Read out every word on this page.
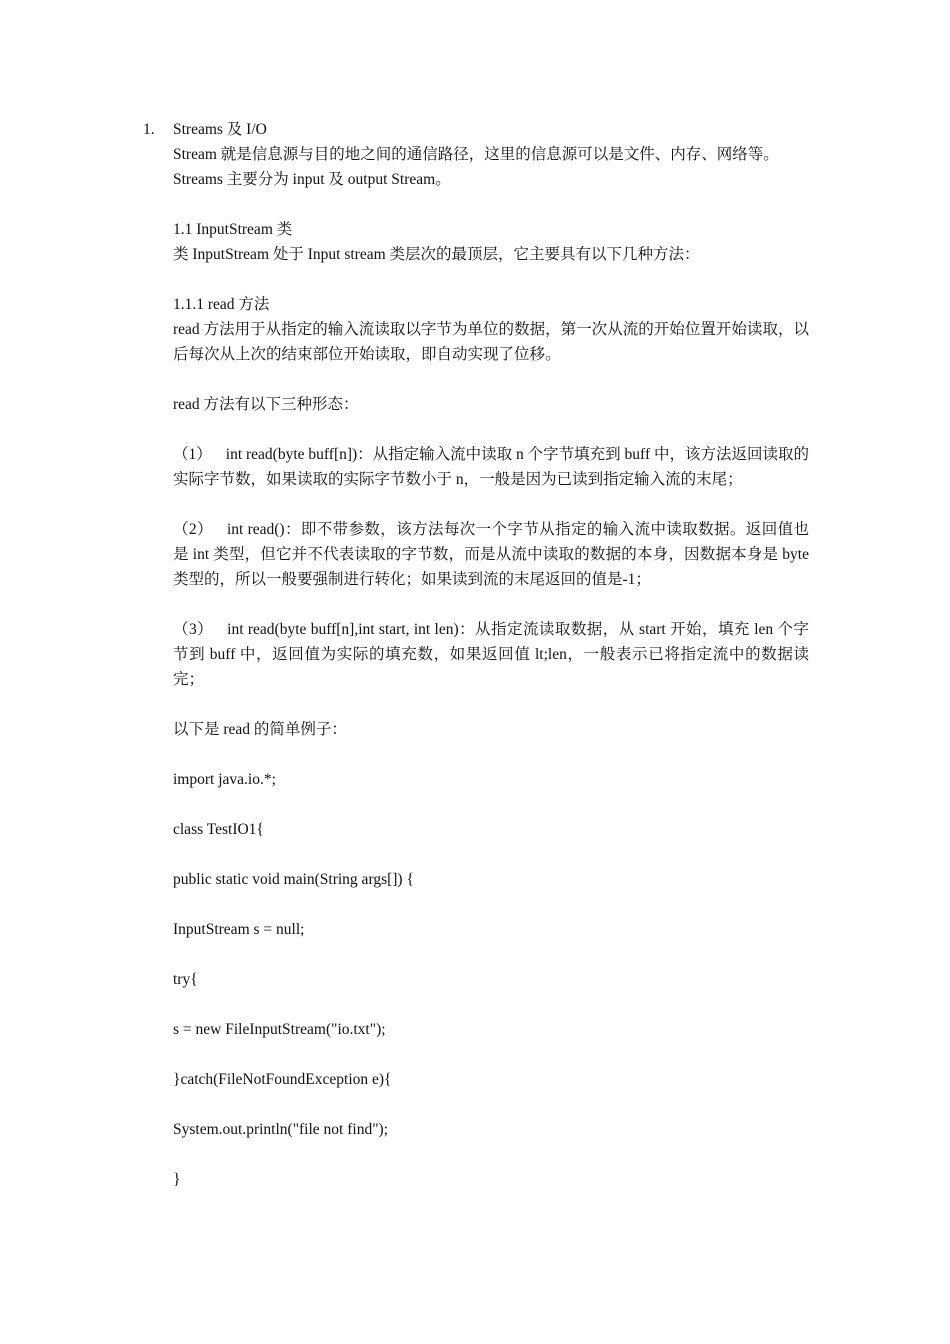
1. Streams 及 I/O
Stream 就是信息源与目的地之间的通信路径，这里的信息源可以是文件、内存、网络等。
Streams 主要分为 input 及 output Stream。
1.1 InputStream 类
类 InputStream 处于 Input stream 类层次的最顶层，它主要具有以下几种方法：
1.1.1 read 方法
read 方法用于从指定的输入流读取以字节为单位的数据，第一次从流的开始位置开始读取，以后每次从上次的结束部位开始读取，即自动实现了位移。
read 方法有以下三种形态：
（1） int read(byte buff[n])：从指定输入流中读取 n 个字节填充到 buff 中，该方法返回读取的实际字节数，如果读取的实际字节数小于 n，一般是因为已读到指定输入流的末尾；
（2） int read()：即不带参数，该方法每次一个字节从指定的输入流中读取数据。返回值也是 int 类型，但它并不代表读取的字节数，而是从流中读取的数据的本身，因数据本身是 byte 类型的，所以一般要强制进行转化；如果读到流的末尾返回的值是-1；
（3） int read(byte buff[n],int start, int len)：从指定流读取数据，从 start 开始，填充 len 个字节到 buff 中，返回值为实际的填充数，如果返回值 lt;len，一般表示已将指定流中的数据读完；
以下是 read 的简单例子：
import java.io.*;
class TestIO1{
public static void main(String args[]) {
InputStream s = null;
try{
s = new FileInputStream("io.txt");
}catch(FileNotFoundException e){
System.out.println("file not find");
}
